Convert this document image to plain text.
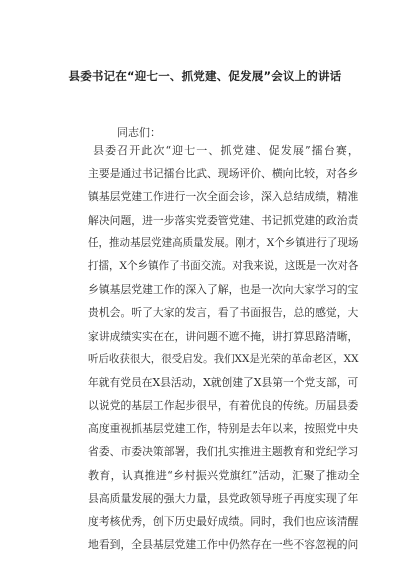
县委书记在“迎七一、抓党建、促发展”会议上的讲话
同志们：
县委召开此次“迎七一、抓党建、促发展”擂台赛，
主要是通过书记擂台比武、现场评价、横向比较，对各乡
镇基层党建工作进行一次全面会诊，深入总结成绩，精准
解决问题，进一步落实党委管党建、书记抓党建的政治责
任，推动基层党建高质量发展。刚才，X个乡镇进行了现场
打擂，X个乡镇作了书面交流。对我来说，这既是一次对各
乡镇基层党建工作的深入了解，也是一次向大家学习的宝
贵机会。听了大家的发言，看了书面报告，总的感觉，大
家讲成绩实实在在，讲问题不遮不掩，讲打算思路清晰，
听后收获很大，很受启发。我们XX是光荣的革命老区，XX
年就有党员在X县活动，X就创建了X县第一个党支部，可
以说党的基层工作起步很早，有着优良的传统。历届县委
高度重视抓基层党建工作，特别是去年以来，按照党中央
省委、市委决策部署，我们扎实推进主题教育和党纪学习
教育，认真推进“乡村振兴党旗红”活动，汇聚了推动全
县高质量发展的强大力量，县党政领导班子再度实现了年
度考核优秀，创下历史最好成绩。同时，我们也应该清醒
地看到，全县基层党建工作中仍然存在一些不容忽视的问
